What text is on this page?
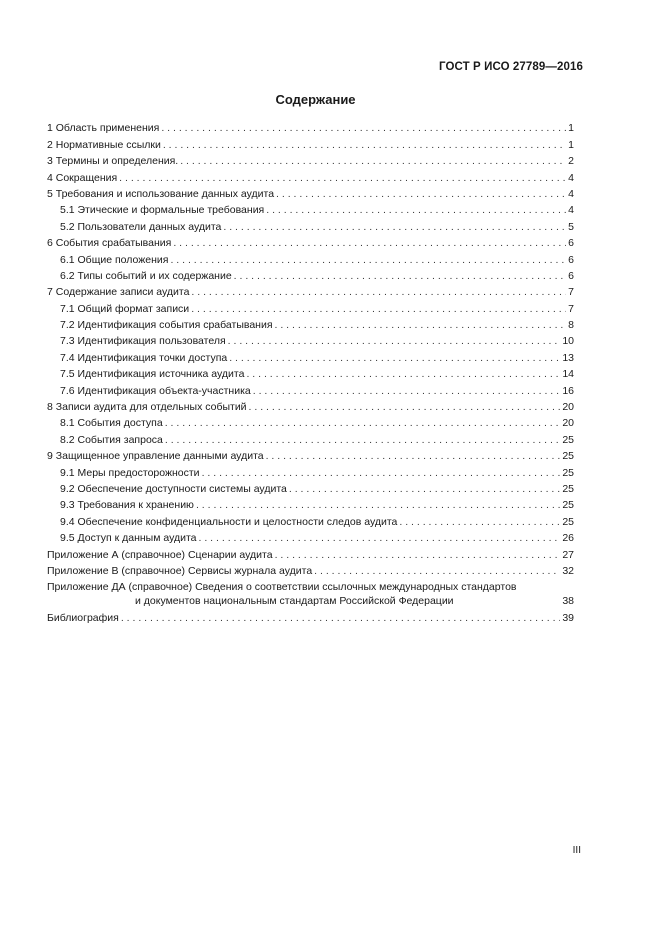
ГОСТ Р ИСО 27789—2016
Содержание
1 Область применения . . .	1
2 Нормативные ссылки . . .	1
3 Термины и определения. . . .	2
4 Сокращения . . .	4
5 Требования и использование данных аудита . . .	4
5.1 Этические и формальные требования . . .	4
5.2 Пользователи данных аудита . . .	5
6 События срабатывания . . .	6
6.1 Общие положения . . .	6
6.2 Типы событий и их содержание . . .	6
7 Содержание записи аудита . . .	7
7.1 Общий формат записи . . .	7
7.2 Идентификация события срабатывания . . .	8
7.3 Идентификация пользователя . . .	10
7.4 Идентификация точки доступа . . .	13
7.5 Идентификация источника аудита . . .	14
7.6 Идентификация объекта-участника . . .	16
8 Записи аудита для отдельных событий . . .	20
8.1 События доступа . . .	20
8.2 События запроса . . .	25
9 Защищенное управление данными аудита . . .	25
9.1 Меры предосторожности . . .	25
9.2 Обеспечение доступности системы аудита . . .	25
9.3 Требования к хранению . . .	25
9.4 Обеспечение конфиденциальности и целостности следов аудита . . .	25
9.5 Доступ к данным аудита . . .	26
Приложение А (справочное) Сценарии аудита . . .	27
Приложение В (справочное) Сервисы журнала аудита . . .	32
Приложение ДА (справочное) Сведения о соответствии ссылочных международных стандартов
и документов национальным стандартам Российской Федерации	38
Библиография . . .	39
III
